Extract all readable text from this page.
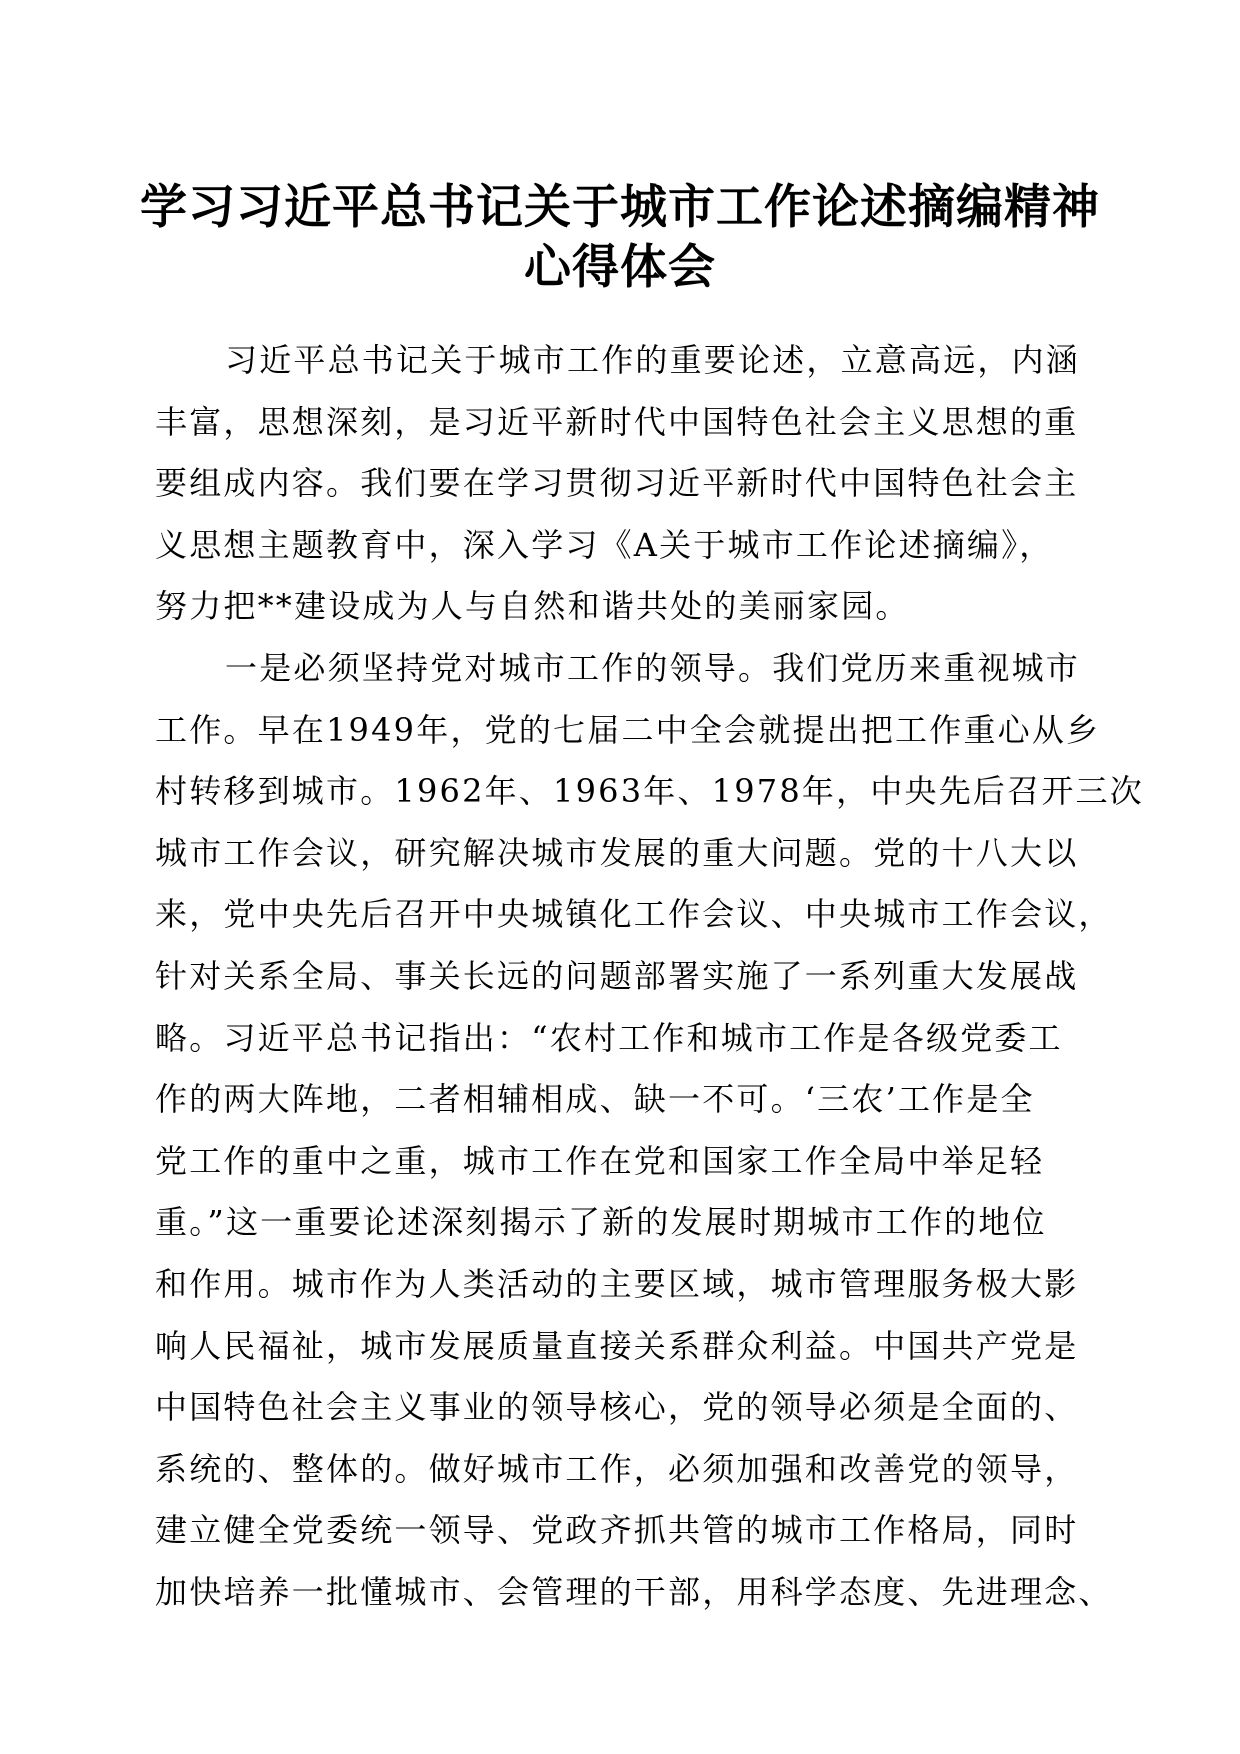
学习习近平总书记关于城市工作论述摘编精神
心得体会
习近平总书记关于城市工作的重要论述，立意高远，内涵
丰富，思想深刻，是习近平新时代中国特色社会主义思想的重
要组成内容。我们要在学习贯彻习近平新时代中国特色社会主
义思想主题教育中，深入学习《A关于城市工作论述摘编》，
努力把**建设成为人与自然和谐共处的美丽家园。
一是必须坚持党对城市工作的领导。我们党历来重视城市
工作。早在1949年，党的七届二中全会就提出把工作重心从乡
村转移到城市。1962年、1963年、1978年，中央先后召开三次
城市工作会议，研究解决城市发展的重大问题。党的十八大以
来，党中央先后召开中央城镇化工作会议、中央城市工作会议，
针对关系全局、事关长远的问题部署实施了一系列重大发展战
略。习近平总书记指出：“农村工作和城市工作是各级党委工
作的两大阵地，二者相辅相成、缺一不可。‘三农’工作是全
党工作的重中之重，城市工作在党和国家工作全局中举足轻
重。”这一重要论述深刻揭示了新的发展时期城市工作的地位
和作用。城市作为人类活动的主要区域，城市管理服务极大影
响人民福祉，城市发展质量直接关系群众利益。中国共产党是
中国特色社会主义事业的领导核心，党的领导必须是全面的、
系统的、整体的。做好城市工作，必须加强和改善党的领导，
建立健全党委统一领导、党政齐抓共管的城市工作格局，同时
加快培养一批懂城市、会管理的干部，用科学态度、先进理念、
